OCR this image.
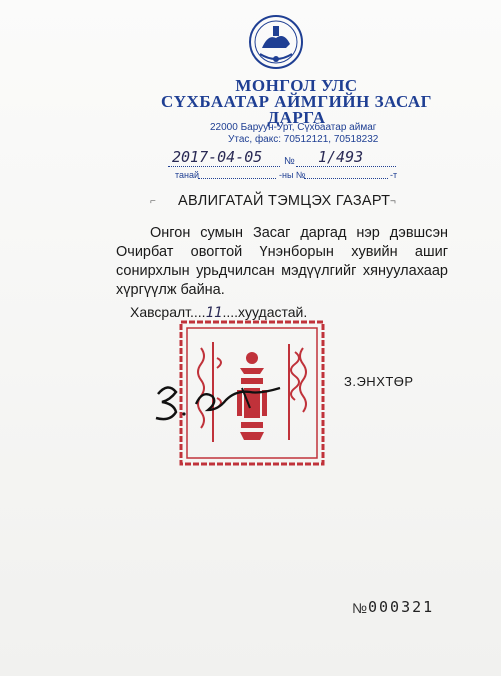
МОНГОЛ УЛС
СҮХБААТАР АЙМГИЙН ЗАСАГ
ДАРГА
22000 Баруун-Урт, Сүхбаатар аймаг
Утас, факс: 70512121, 70518232
2017-04-05 № 1/493
танай	-ны №	-т
⌐	¬
АВЛИГАТАЙ ТЭМЦЭХ ГАЗАРТ

Онгон сумын Засаг даргад нэр дэвшсэн Очирбат овогтой Үнэнборын хувийн ашиг сонирхлын урьдчилсан мэдүүлгийг хянуулахаар хүргүүлж байна.

Хавсралт....11....хуудастай.
З.ЭНХТӨР
№ 000321
